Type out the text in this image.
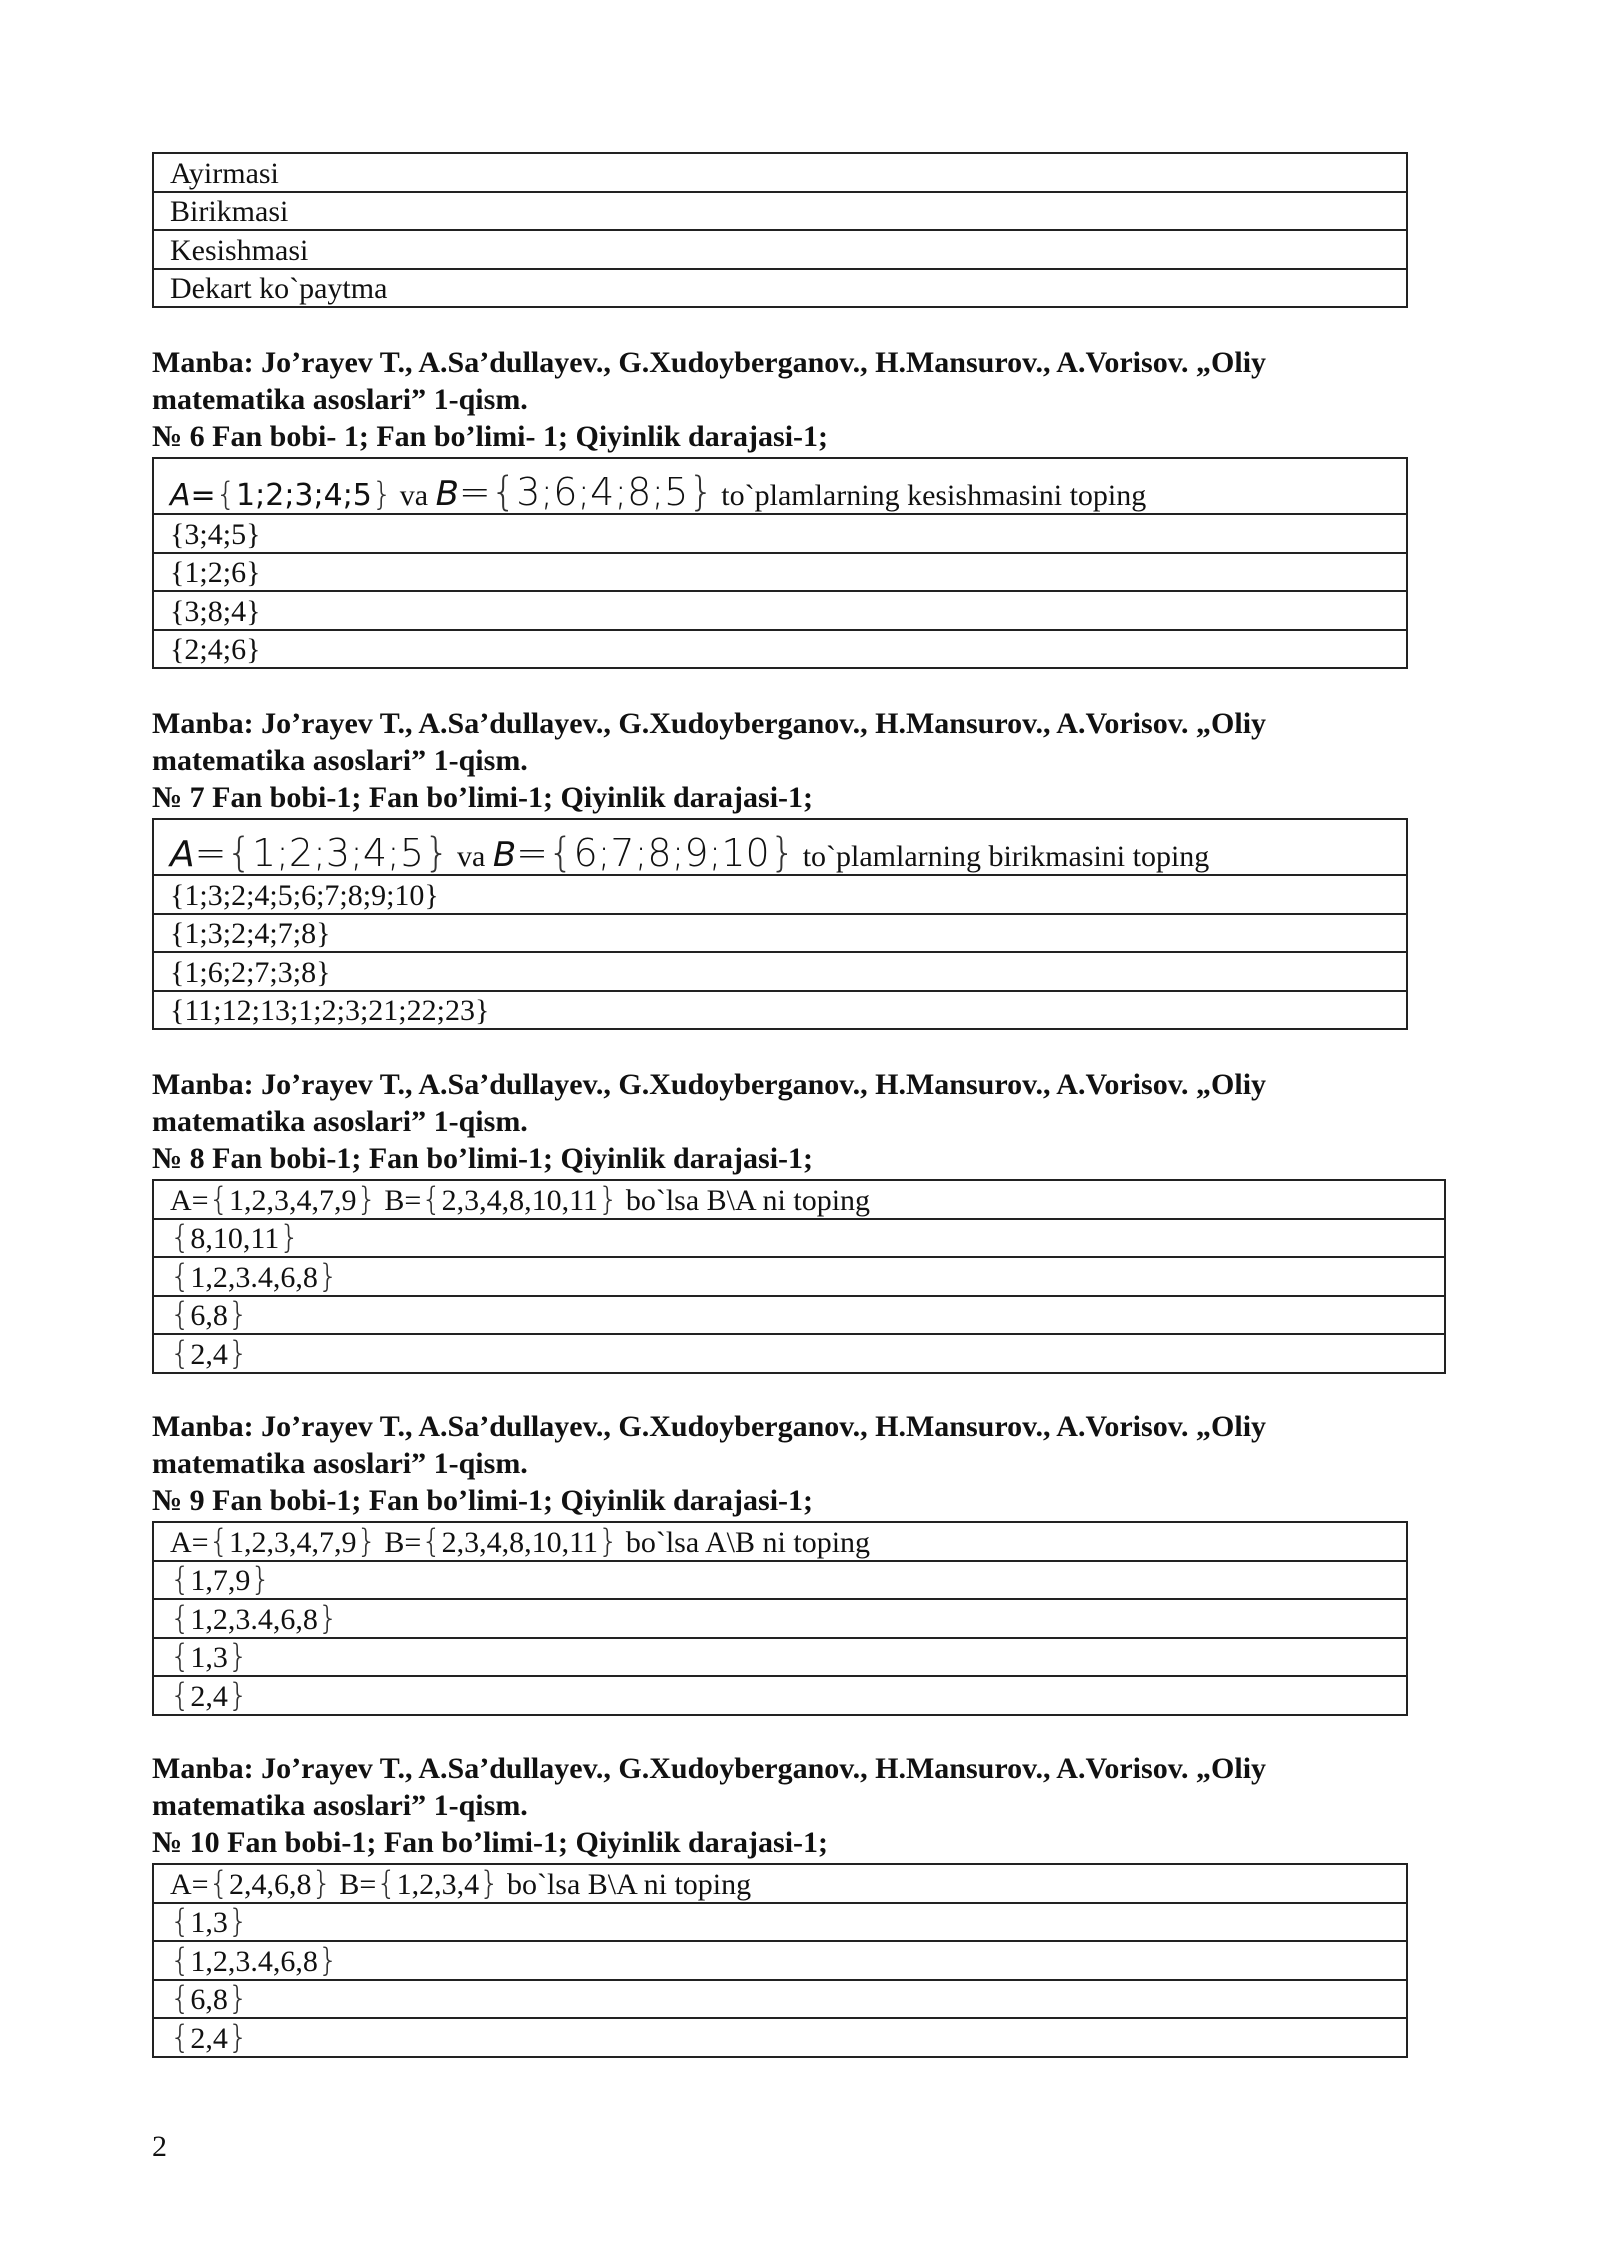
Ayirmasi
Birikmasi
Kesishmasi
Dekart ko`paytma
Manba: Jo’rayev T., A.Sa’dullayev., G.Xudoyberganov., H.Mansurov., A.Vorisov. „Oliy
matematika asoslari” 1-qism.
№ 6 Fan bobi- 1; Fan bo’limi- 1; Qiyinlik darajasi-1;
A={1;2;3;4;5} va B={3;6;4;8;5} to`plamlarning kesishmasini toping
{3;4;5}
{1;2;6}
{3;8;4}
{2;4;6}
Manba: Jo’rayev T., A.Sa’dullayev., G.Xudoyberganov., H.Mansurov., A.Vorisov. „Oliy
matematika asoslari” 1-qism.
№ 7 Fan bobi-1; Fan bo’limi-1; Qiyinlik darajasi-1;
A={1;2;3;4;5} va B={6;7;8;9;10} to`plamlarning birikmasini toping
{1;3;2;4;5;6;7;8;9;10}
{1;3;2;4;7;8}
{1;6;2;7;3;8}
{11;12;13;1;2;3;21;22;23}
Manba: Jo’rayev T., A.Sa’dullayev., G.Xudoyberganov., H.Mansurov., A.Vorisov. „Oliy
matematika asoslari” 1-qism.
№ 8 Fan bobi-1; Fan bo’limi-1; Qiyinlik darajasi-1;
A={1,2,3,4,7,9} B={2,3,4,8,10,11} bo`lsa B\A ni toping
{8,10,11}
{1,2,3.4,6,8}
{6,8}
{2,4}
Manba: Jo’rayev T., A.Sa’dullayev., G.Xudoyberganov., H.Mansurov., A.Vorisov. „Oliy
matematika asoslari” 1-qism.
№ 9 Fan bobi-1; Fan bo’limi-1; Qiyinlik darajasi-1;
A={1,2,3,4,7,9} B={2,3,4,8,10,11} bo`lsa A\B ni toping
{1,7,9}
{1,2,3.4,6,8}
{1,3}
{2,4}
Manba: Jo’rayev T., A.Sa’dullayev., G.Xudoyberganov., H.Mansurov., A.Vorisov. „Oliy
matematika asoslari” 1-qism.
№ 10 Fan bobi-1; Fan bo’limi-1; Qiyinlik darajasi-1;
A={2,4,6,8} B={1,2,3,4} bo`lsa B\A ni toping
{1,3}
{1,2,3.4,6,8}
{6,8}
{2,4}
2
